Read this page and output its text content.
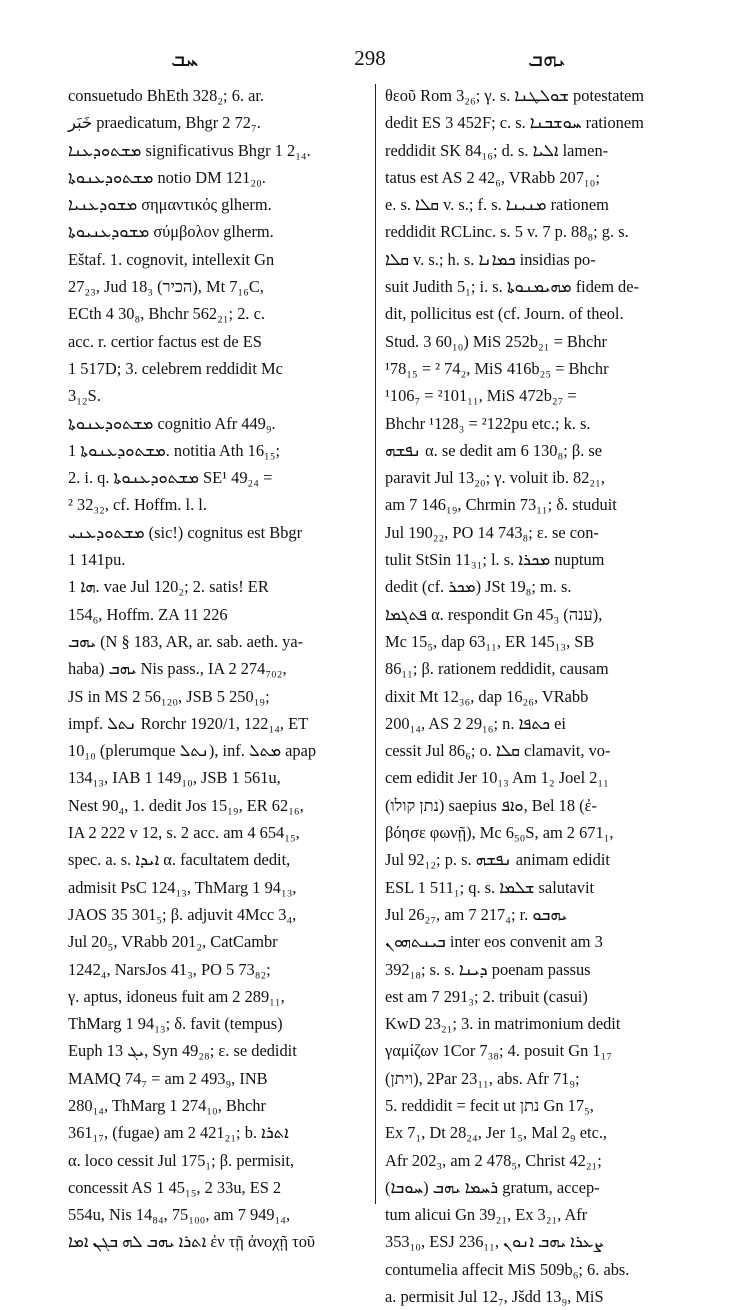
ܚܒ	298	ܝܗܒ
consuetudo BhEth 328₂; 6. ar.
خَبَر praedicatum, Bhgr 2 72₇.
ܡܫܬܘܕܥܢܐ significativus Bhgr 1 2₁₄.
ܡܫܬܘܕܥܢܘܬܐ notio DM 121₂₀.
ܡܫܘܕܥܢܝܐ σημαντικός glherm.
ܡܫܘܕܥܢܝܘܬܐ σύμβολον glherm.
Eštaf. 1. cognovit, intellexit Gn
27₂₃, Jud 18₃ (הכיר), Mt 7₁₆C,
ECth 4 30₈, Bhchr 562₂₁; 2. c.
acc. r. certior factus est de ES
1 517D; 3. celebrem reddidit Mc
3₁₂S.
ܡܫܬܘܕܥܢܘܬܐ cognitio Afr 449₉.
ܡܫܬܘܕܥܢܘܬܐ 1. notitia Ath 16₁₅;
2. i. q. ܡܫܬܘܕܥܢܘܬܐ SE¹ 49₂₄ =
² 32₃₂, cf. Hoffm. l. l.
ܡܫܬܘܕܥܢܝ (sic!) cognitus est Bbgr
1 141pu.
ܗܐ 1. vae Jul 120₂; 2. satis! ER
154₆, Hoffm. ZA 11 226
ܝܗܒ (N § 183, AR, ar. sab. aeth. ya-
haba) ܝܗܒ Nis pass., IA 2 274₇₀₂,
JS in MS 2 56₁₂₀, JSB 5 250₁₉;
impf. ܢܬܠ Rorchr 1920/1, 122₁₄, ET
10₁₀ (plerumque ܢܬܠ), inf. ܡܬܠ apap
134₁₃, IAB 1 149₁₀, JSB 1 561u,
Nest 90₄, 1. dedit Jos 15₁₉, ER 62₁₆,
IA 2 222 v 12, s. 2 acc. am 4 654₁₅,
spec. a. s. ܐܝܕܐ α. facultatem dedit,
admisit PsC 124₁₃, ThMarg 1 94₁₃,
JAOS 35 301₅; β. adjuvit 4Mcc 3₄,
Jul 20₅, VRabb 201₂, CatCambr
1242₄, NarsJos 41₃, PO 5 73₈₂;
γ. aptus, idoneus fuit am 2 289₁₁,
ThMarg 1 94₁₃; δ. favit (tempus)
Euph ܝܓ 13, Syn 49₂₈; ε. se dedidit
MAMQ 74₇ = am 2 493₉, INB
280₁₄, ThMarg 1 274₁₀, Bhchr
361₁₇, (fugae) am 2 421₂₁; b. ܐܬܪܐ
α. loco cessit Jul 175₁; β. permisit,
concessit AS 1 45₁₅, 2 33u, ES 2
554u, Nis 14₈₄, 75₁₀₀, am 7 949₁₄,
ܐܬܪܐ ܝܗܒ ܠܗ ܒܓܢ ܐܡܐ ἐν τῇ ἀνοχῇ τοῦ
θεοῦ Rom 3₂₆; γ. s. ܫܘܠܛܢܐ potestatem
dedit ES 3 452F; c. s. ܚܘܫܒܢܐ rationem
reddidit SK 84₁₆; d. s. ܐܠܝܐ lamen-
tatus est AS 2 42₆, VRabb 207₁₀;
e. s. ܩܠܐ v. s.; f. s. ܡܢܝܢܐ rationem
reddidit RCLinc. s. 5 v. 7 p. 88₈; g. s.
ܩܠܐ v. s.; h. s. ܟܡܐܢܐ insidias po-
suit Judith 5₁; i. s. ܡܗܝܡܢܘܬܐ fidem de-
dit, pollicitus est (cf. Journ. of theol.
Stud. 3 60₁₀) MiS 252b₂₁ = Bhchr
¹78₁₅ = ² 74₂, MiS 416b₂₅ = Bhchr
¹106₇ = ²101₁₁, MiS 472b₂₇ =
Bhchr ¹128₃ = ²122pu etc.; k. s.
ܢܦܫܗ α. se dedit am 6 130₈; β. se
paravit Jul 13₂₀; γ. voluit ib. 82₂₁,
am 7 146₁₉, Chrmin 73₁₁; δ. studuit
Jul 190₂₂, PO 14 743₈; ε. se con-
tulit StSin 11₃₁; l. s. ܡܟܪܐ nuptum
dedit (cf. ܡܟܪ) JSt 19₈; m. s.
ܦܬܓܡܐ α. respondit Gn 45₃ (ענה),
Mc 15₅, dap 63₁₁, ER 145₁₃, SB
86₁₁; β. rationem reddidit, causam
dixit Mt 12₃₆, dap 16₂₆, VRabb
200₁₄, AS 2 29₁₆; n. ܟܬܦܐ ei
cessit Jul 86₆; o. ܩܠܐ clamavit, vo-
cem edidit Jer 10₁₃ Am 1₂ Joel 2₁₁
(נתן קולו) saepius ܘܐܦ, Bel 18 (ἐ-
βόησε φωνῇ), Mc 6₅₀S, am 2 671₁,
Jul 92₁₂; p. s. ܢܦܫܗ animam edidit
ESL 1 511₁; q. s. ܫܠܡܐ salutavit
Jul 26₂₇, am 7 217₄; r. ܝܗܒܘ
ܒܝܢܬܗܘܢ inter eos convenit am 3
392₁₈; s. s. ܕܝܢܐ poenam passus
est am 7 291₃; 2. tribuit (casui)
KwD 23₂₁; 3. in matrimonium dedit
γαμίζων 1Cor 7₃₈; 4. posuit Gn 1₁₇
(ויתן), 2Par 23₁₁, abs. Afr 71₉;
5. reddidit = fecit ut נתן Gn 17₅,
Ex 7₁, Dt 28₂₄, Jer 1₅, Mal 2₉ etc.,
Afr 202₃, am 2 478₅, Christ 42₂₁;
(ܚܘܒܐ) ܪܚܡܐ ܝܗܒ gratum, accep-
tum alicui Gn 39₂₁, Ex 3₂₁, Afr
353₁₀, ESJ 236₁₁, ܨܥܪܐ ܝܗܒ ܐܢܘܢ
contumelia affecit MiS 509b₆; 6. abs.
a. permisit Jul 12₇, Jšdd 13₉, MiS
